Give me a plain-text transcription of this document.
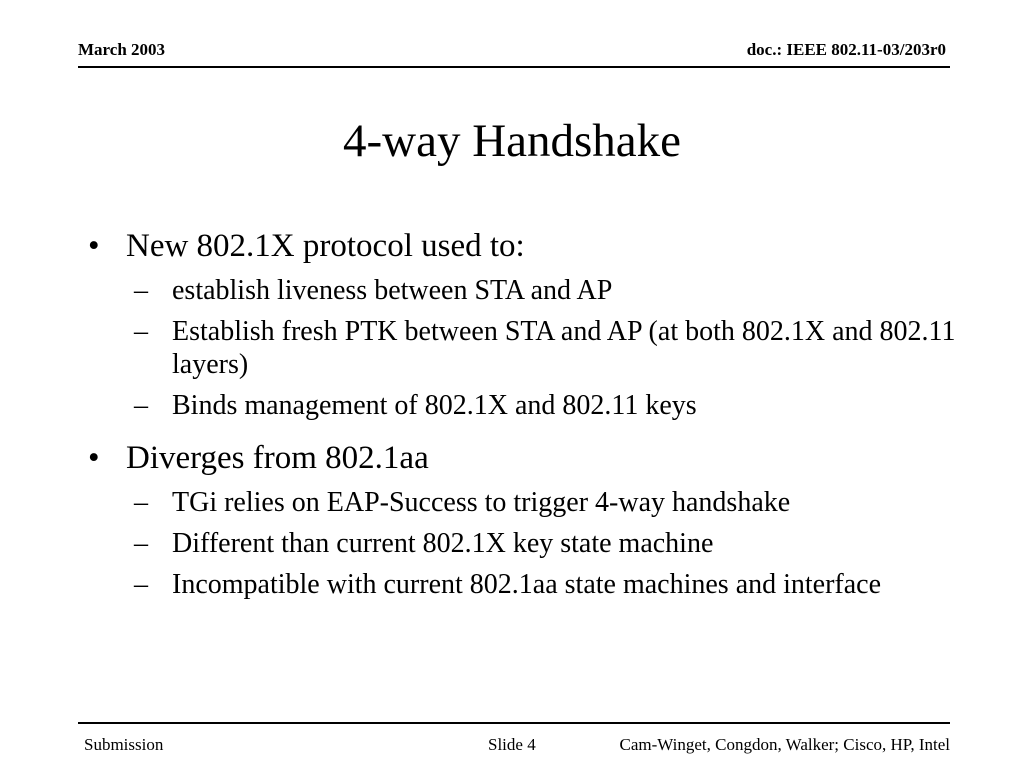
March 2003	doc.: IEEE 802.11-03/203r0
4-way Handshake

• New 802.1X protocol used to:

– establish liveness between STA and AP

– Establish fresh PTK between STA and AP (at both 802.1X and 802.11 layers)

– Binds management of 802.1X and 802.11 keys

• Diverges from 802.1aa

– TGi relies on EAP-Success to trigger 4-way handshake

– Different than current 802.1X key state machine

– Incompatible with current 802.1aa state machines and interface

Submission	Slide 4	Cam-Winget, Congdon, Walker; Cisco, HP, Intel
